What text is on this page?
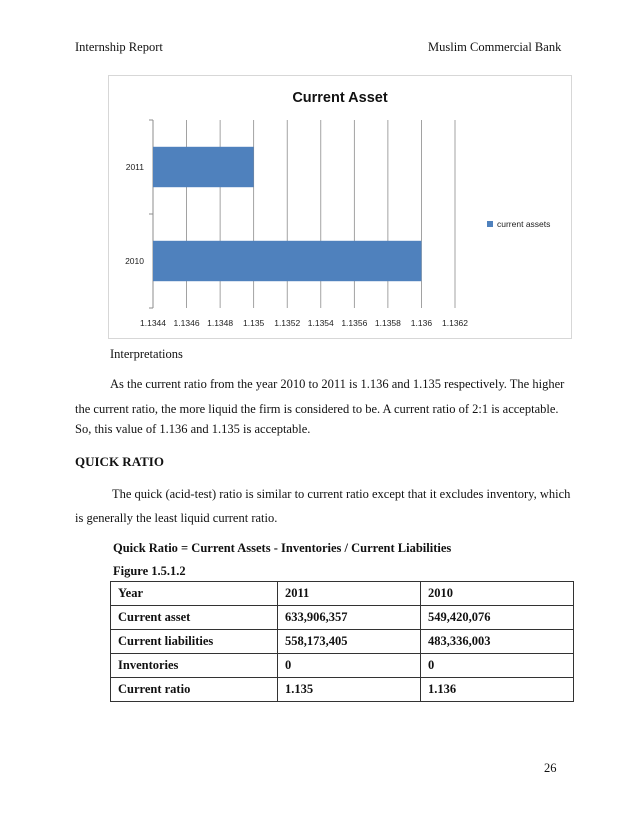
Internship Report	Muslim Commercial Bank
1.1344 1.1346 1.1348 1.135 1.1352 1.1354 1.1356 1.1358 1.136 1.1362
2010
2011
Current Asset
current assets
Interpretations
As the current ratio from the year 2010 to 2011 is 1.136 and 1.135 respectively. The higher
the current ratio, the more liquid the firm is considered to be. A current ratio of 2:1 is acceptable.
So, this value of 1.136 and 1.135 is acceptable.
QUICK RATIO
The quick (acid-test) ratio is similar to current ratio except that it excludes inventory, which
is generally the least liquid current ratio.
Quick Ratio = Current Assets - Inventories / Current Liabilities
Figure 1.5.1.2
Year	2011	2010
Current asset	633,906,357	549,420,076
Current liabilities	558,173,405	483,336,003
Inventories	0	0
Current ratio	1.135	1.136
26
